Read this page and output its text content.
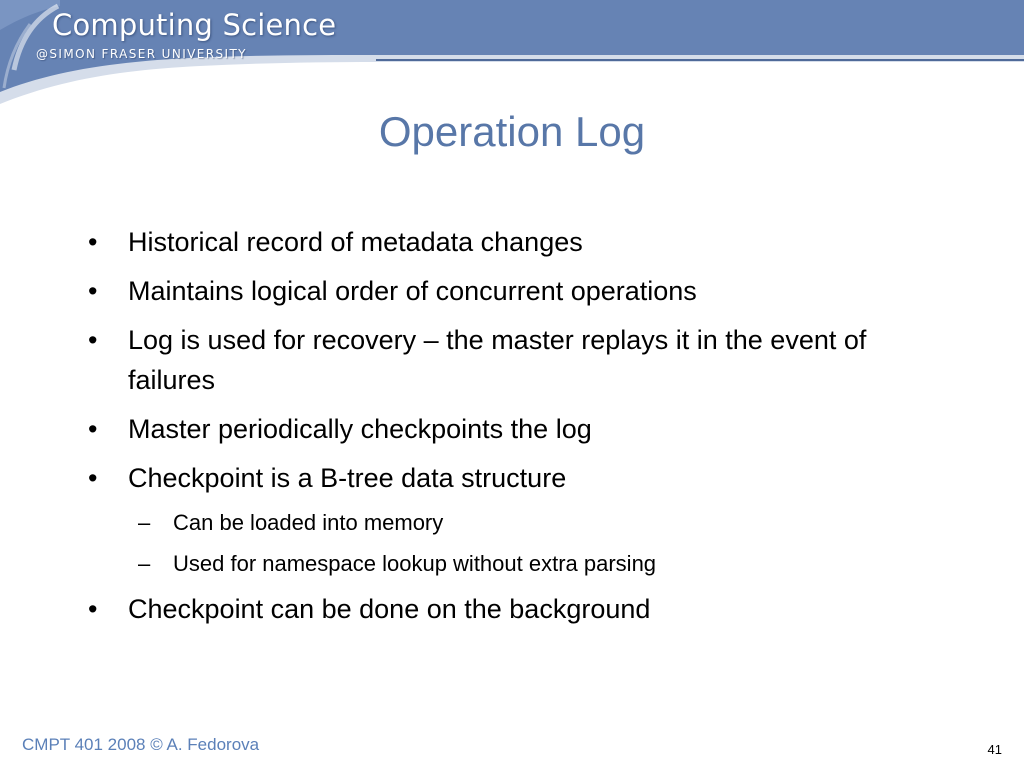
Computing Science
@SIMON FRASER UNIVERSITY
Operation Log
•	Historical record of metadata changes
•	Maintains logical order of concurrent operations
•	Log is used for recovery – the master replays it in the event of failures
•	Master periodically checkpoints the log
•	Checkpoint is a B-tree data structure
–	Can be loaded into memory
–	Used for namespace lookup without extra parsing
•	Checkpoint can be done on the background
CMPT 401 2008 © A. Fedorova	41
